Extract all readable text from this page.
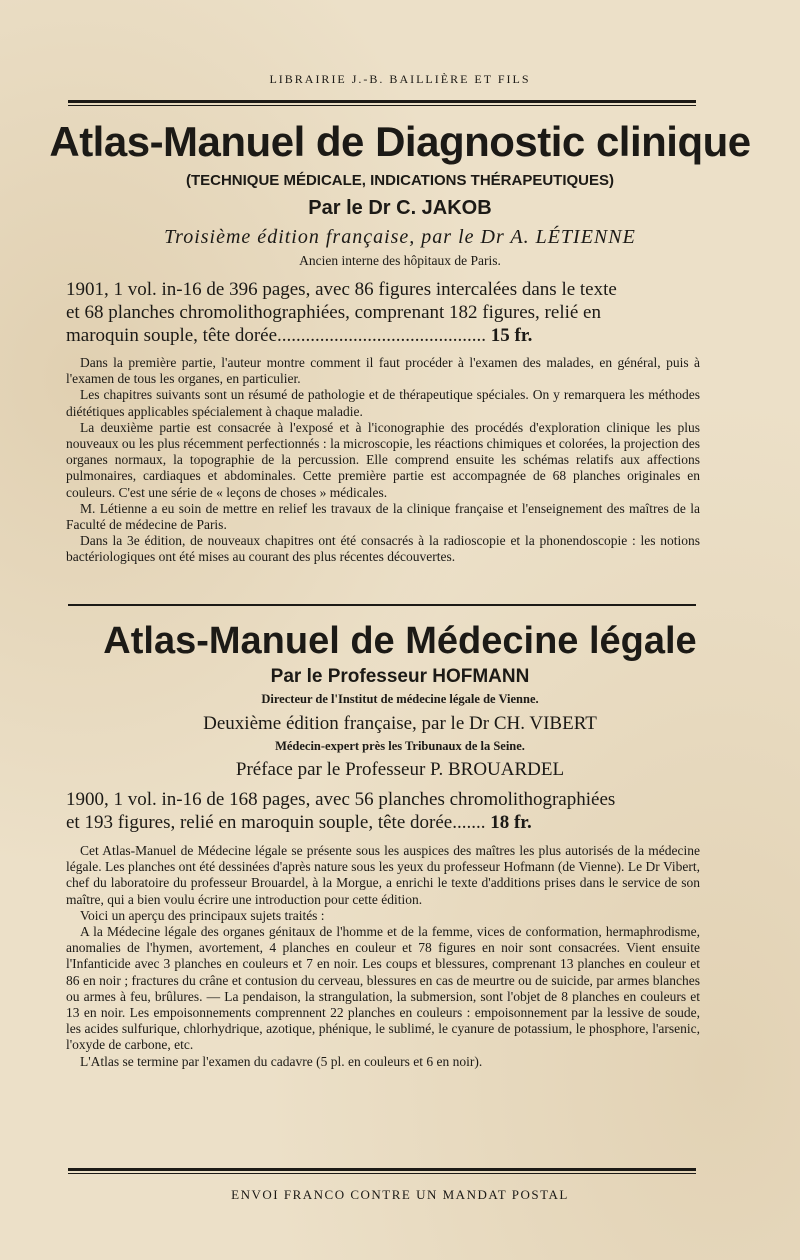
LIBRAIRIE J.-B. BAILLIÈRE ET FILS
Atlas-Manuel de Diagnostic clinique
(TECHNIQUE MÉDICALE, INDICATIONS THÉRAPEUTIQUES)
Par le Dr C. JAKOB
Troisième édition française, par le Dr A. LÉTIENNE
Ancien interne des hôpitaux de Paris.
1901, 1 vol. in-16 de 396 pages, avec 86 figures intercalées dans le texte
et 68 planches chromolithographiées, comprenant 182 figures, relié en
maroquin souple, tête dorée............................................ 15 fr.

Dans la première partie, l'auteur montre comment il faut procéder à l'examen des malades, en général, puis à l'examen de tous les organes, en particulier.

Les chapitres suivants sont un résumé de pathologie et de thérapeutique spéciales. On y remarquera les méthodes diététiques applicables spécialement à chaque maladie.

La deuxième partie est consacrée à l'exposé et à l'iconographie des procédés d'exploration clinique les plus nouveaux ou les plus récemment perfectionnés : la microscopie, les réactions chimiques et colorées, la projection des organes normaux, la topographie de la percussion. Elle comprend ensuite les schémas relatifs aux affections pulmonaires, cardiaques et abdominales. Cette première partie est accompagnée de 68 planches originales en couleurs. C'est une série de « leçons de choses » médicales.

M. Létienne a eu soin de mettre en relief les travaux de la clinique française et l'enseignement des maîtres de la Faculté de médecine de Paris.

Dans la 3e édition, de nouveaux chapitres ont été consacrés à la radioscopie et la phonendoscopie : les notions bactériologiques ont été mises au courant des plus récentes découvertes.

Atlas-Manuel de Médecine légale
Par le Professeur HOFMANN
Directeur de l'Institut de médecine légale de Vienne.
Deuxième édition française, par le Dr CH. VIBERT
Médecin-expert près les Tribunaux de la Seine.
Préface par le Professeur P. BROUARDEL
1900, 1 vol. in-16 de 168 pages, avec 56 planches chromolithographiées
et 193 figures, relié en maroquin souple, tête dorée....... 18 fr.

Cet Atlas-Manuel de Médecine légale se présente sous les auspices des maîtres les plus autorisés de la médecine légale. Les planches ont été dessinées d'après nature sous les yeux du professeur Hofmann (de Vienne). Le Dr Vibert, chef du laboratoire du professeur Brouardel, à la Morgue, a enrichi le texte d'additions prises dans le service de son maître, qui a bien voulu écrire une introduction pour cette édition.

Voici un aperçu des principaux sujets traités :

A la Médecine légale des organes génitaux de l'homme et de la femme, vices de conformation, hermaphrodisme, anomalies de l'hymen, avortement, 4 planches en couleur et 78 figures en noir sont consacrées. Vient ensuite l'Infanticide avec 3 planches en couleurs et 7 en noir. Les coups et blessures, comprenant 13 planches en couleur et 86 en noir ; fractures du crâne et contusion du cerveau, blessures en cas de meurtre ou de suicide, par armes blanches ou armes à feu, brûlures. — La pendaison, la strangulation, la submersion, sont l'objet de 8 planches en couleurs et 13 en noir. Les empoisonnements comprennent 22 planches en couleurs : empoisonnement par la lessive de soude, les acides sulfurique, chlorhydrique, azotique, phénique, le sublimé, le cyanure de potassium, le phosphore, l'arsenic, l'oxyde de carbone, etc.

L'Atlas se termine par l'examen du cadavre (5 pl. en couleurs et 6 en noir).

ENVOI FRANCO CONTRE UN MANDAT POSTAL
